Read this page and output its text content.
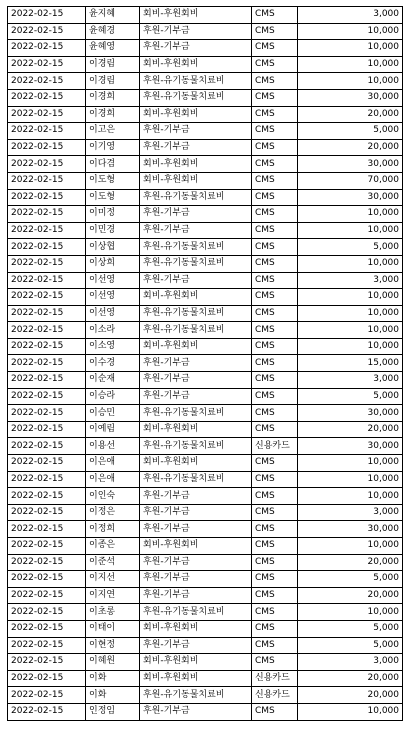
2022-02-15	윤지혜	회비-후원회비	CMS	3,000
2022-02-15	윤혜경	후원-기부금	CMS	10,000
2022-02-15	윤혜영	후원-기부금	CMS	10,000
2022-02-15	이경림	회비-후원회비	CMS	10,000
2022-02-15	이경림	후원-유기동물치료비	CMS	10,000
2022-02-15	이경희	후원-유기동물치료비	CMS	30,000
2022-02-15	이경희	회비-후원회비	CMS	20,000
2022-02-15	이고은	후원-기부금	CMS	5,000
2022-02-15	이기영	후원-기부금	CMS	20,000
2022-02-15	이다겸	회비-후원회비	CMS	30,000
2022-02-15	이도형	회비-후원회비	CMS	70,000
2022-02-15	이도형	후원-유기동물치료비	CMS	30,000
2022-02-15	이미정	후원-기부금	CMS	10,000
2022-02-15	이민경	후원-기부금	CMS	10,000
2022-02-15	이상협	후원-유기동물치료비	CMS	5,000
2022-02-15	이상희	후원-유기동물치료비	CMS	10,000
2022-02-15	이선영	후원-기부금	CMS	3,000
2022-02-15	이선영	회비-후원회비	CMS	10,000
2022-02-15	이선영	후원-유기동물치료비	CMS	10,000
2022-02-15	이소라	후원-유기동물치료비	CMS	10,000
2022-02-15	이소영	회비-후원회비	CMS	10,000
2022-02-15	이수경	후원-기부금	CMS	15,000
2022-02-15	이순재	후원-기부금	CMS	3,000
2022-02-15	이승라	후원-기부금	CMS	5,000
2022-02-15	이승민	후원-유기동물치료비	CMS	30,000
2022-02-15	이예림	회비-후원회비	CMS	20,000
2022-02-15	이용선	후원-유기동물치료비	신용카드	30,000
2022-02-15	이은애	회비-후원회비	CMS	10,000
2022-02-15	이은애	후원-유기동물치료비	CMS	10,000
2022-02-15	이인숙	후원-기부금	CMS	10,000
2022-02-15	이정은	후원-기부금	CMS	3,000
2022-02-15	이정희	후원-기부금	CMS	30,000
2022-02-15	이종은	회비-후원회비	CMS	10,000
2022-02-15	이준석	후원-기부금	CMS	20,000
2022-02-15	이지선	후원-기부금	CMS	5,000
2022-02-15	이지연	후원-기부금	CMS	20,000
2022-02-15	이초롱	후원-유기동물치료비	CMS	10,000
2022-02-15	이태이	회비-후원회비	CMS	5,000
2022-02-15	이현정	후원-기부금	CMS	5,000
2022-02-15	이혜원	회비-후원회비	CMS	3,000
2022-02-15	이화	회비-후원회비	신용카드	20,000
2022-02-15	이화	후원-유기동물치료비	신용카드	20,000
2022-02-15	인정임	후원-기부금	CMS	10,000
